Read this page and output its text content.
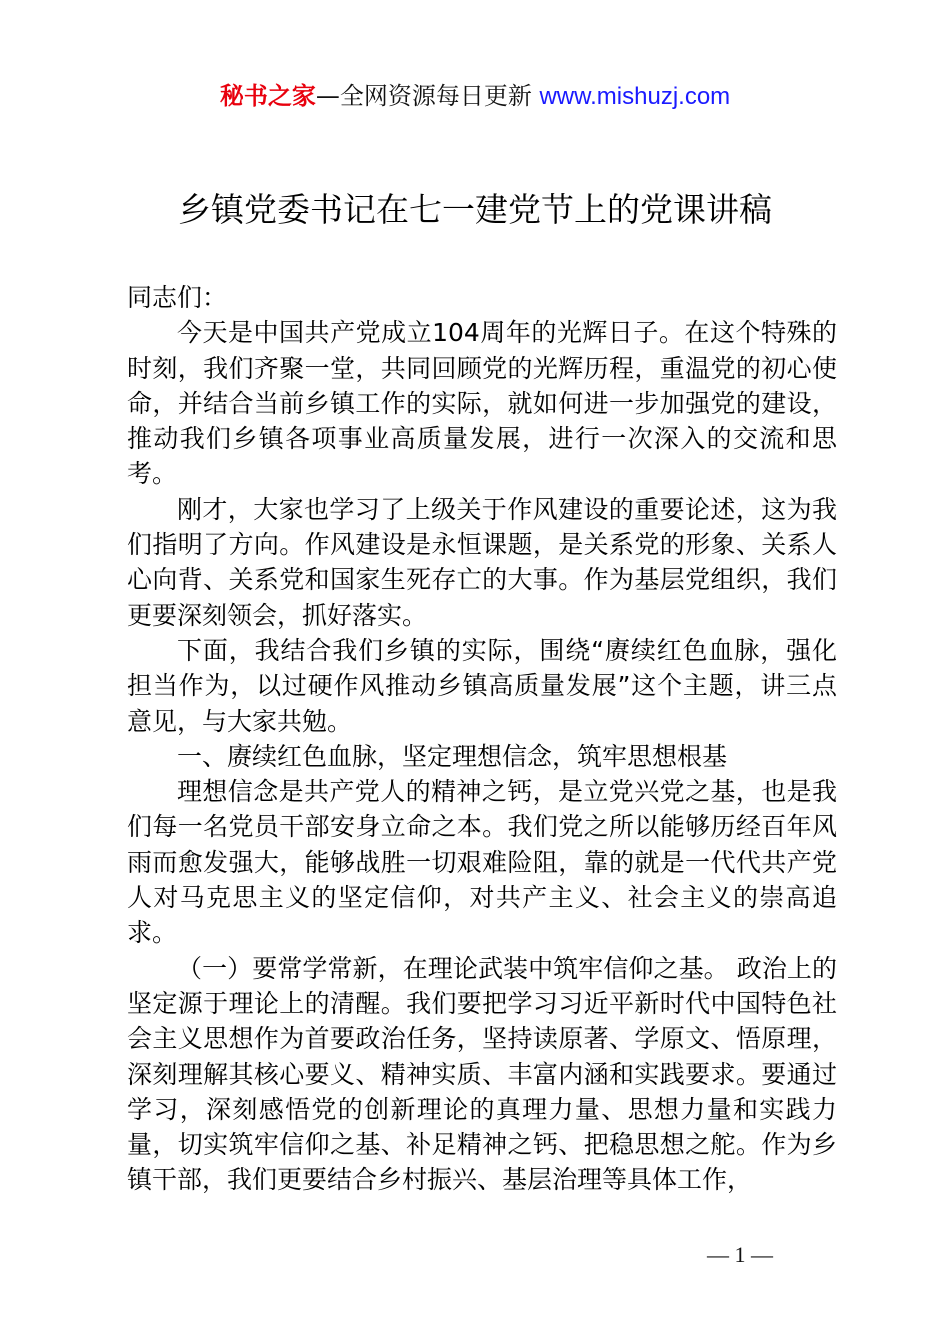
秘书之家—全网资源每日更新 www.mishuzj.com
乡镇党委书记在七一建党节上的党课讲稿

同志们：

今天是中国共产党成立104周年的光辉日子。在这个特殊的时刻，我们齐聚一堂，共同回顾党的光辉历程，重温党的初心使命，并结合当前乡镇工作的实际，就如何进一步加强党的建设，推动我们乡镇各项事业高质量发展，进行一次深入的交流和思考。

刚才，大家也学习了上级关于作风建设的重要论述，这为我们指明了方向。作风建设是永恒课题，是关系党的形象、关系人心向背、关系党和国家生死存亡的大事。作为基层党组织，我们更要深刻领会，抓好落实。

下面，我结合我们乡镇的实际，围绕“赓续红色血脉，强化担当作为，以过硬作风推动乡镇高质量发展”这个主题，讲三点意见，与大家共勉。

一、赓续红色血脉，坚定理想信念，筑牢思想根基

理想信念是共产党人的精神之钙，是立党兴党之基，也是我们每一名党员干部安身立命之本。我们党之所以能够历经百年风雨而愈发强大，能够战胜一切艰难险阻，靠的就是一代代共产党人对马克思主义的坚定信仰，对共产主义、社会主义的崇高追求。

（一）要常学常新，在理论武装中筑牢信仰之基。 政治上的坚定源于理论上的清醒。我们要把学习习近平新时代中国特色社会主义思想作为首要政治任务，坚持读原著、学原文、悟原理，深刻理解其核心要义、精神实质、丰富内涵和实践要求。要通过学习，深刻感悟党的创新理论的真理力量、思想力量和实践力量，切实筑牢信仰之基、补足精神之钙、把稳思想之舵。作为乡镇干部，我们更要结合乡村振兴、基层治理等具体工作，

— 1 —
